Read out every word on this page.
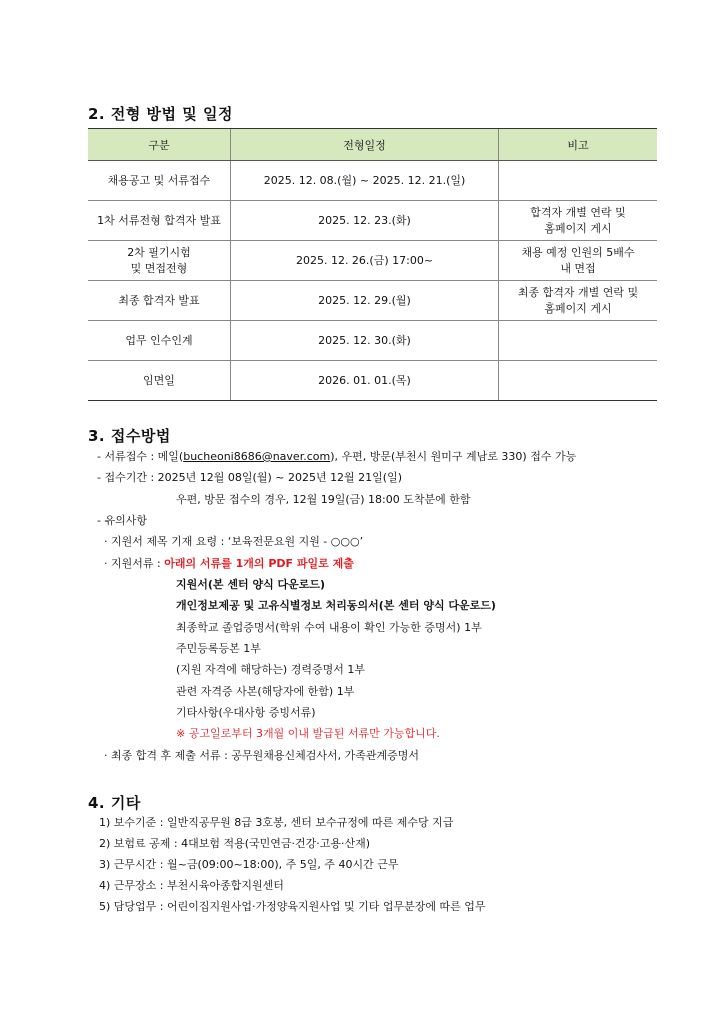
2. 전형 방법 및 일정
구분	전형일정	비고
채용공고 및 서류접수	2025. 12. 08.(월) ~ 2025. 12. 21.(일)	
1차 서류전형 합격자 발표	2025. 12. 23.(화)	합격자 개별 연락 및
홈페이지 게시
2차 필기시험
및 면접전형	2025. 12. 26.(금) 17:00~	채용 예정 인원의 5배수
내 면접
최종 합격자 발표	2025. 12. 29.(월)	최종 합격자 개별 연락 및
홈페이지 게시
업무 인수인계	2025. 12. 30.(화)	
임면일	2026. 01. 01.(목)	
3. 접수방법
- 서류접수 : 메일(bucheoni8686@naver.com), 우편, 방문(부천시 원미구 계남로 330) 접수 가능
- 접수기간 : 2025년 12월 08일(월) ~ 2025년 12월 21일(일)
우편, 방문 접수의 경우, 12월 19일(금) 18:00 도착분에 한함
- 유의사항
· 지원서 제목 기재 요령 : ‘보육전문요원 지원 - ○○○’
· 지원서류 : 아래의 서류를 1개의 PDF 파일로 제출
지원서(본 센터 양식 다운로드)
개인정보제공 및 고유식별정보 처리동의서(본 센터 양식 다운로드)
최종학교 졸업증명서(학위 수여 내용이 확인 가능한 증명서) 1부
주민등록등본 1부
(지원 자격에 해당하는) 경력증명서 1부
관련 자격증 사본(해당자에 한함) 1부
기타사항(우대사항 증빙서류)
※ 공고일로부터 3개월 이내 발급된 서류만 가능합니다.
· 최종 합격 후 제출 서류 : 공무원채용신체검사서, 가족관계증명서
4. 기타
1) 보수기준 : 일반직공무원 8급 3호봉, 센터 보수규정에 따른 제수당 지급
2) 보험료 공제 : 4대보험 적용(국민연금·건강·고용·산재)
3) 근무시간 : 월~금(09:00~18:00), 주 5일, 주 40시간 근무
4) 근무장소 : 부천시육아종합지원센터
5) 담당업무 : 어린이집지원사업·가정양육지원사업 및 기타 업무분장에 따른 업무
